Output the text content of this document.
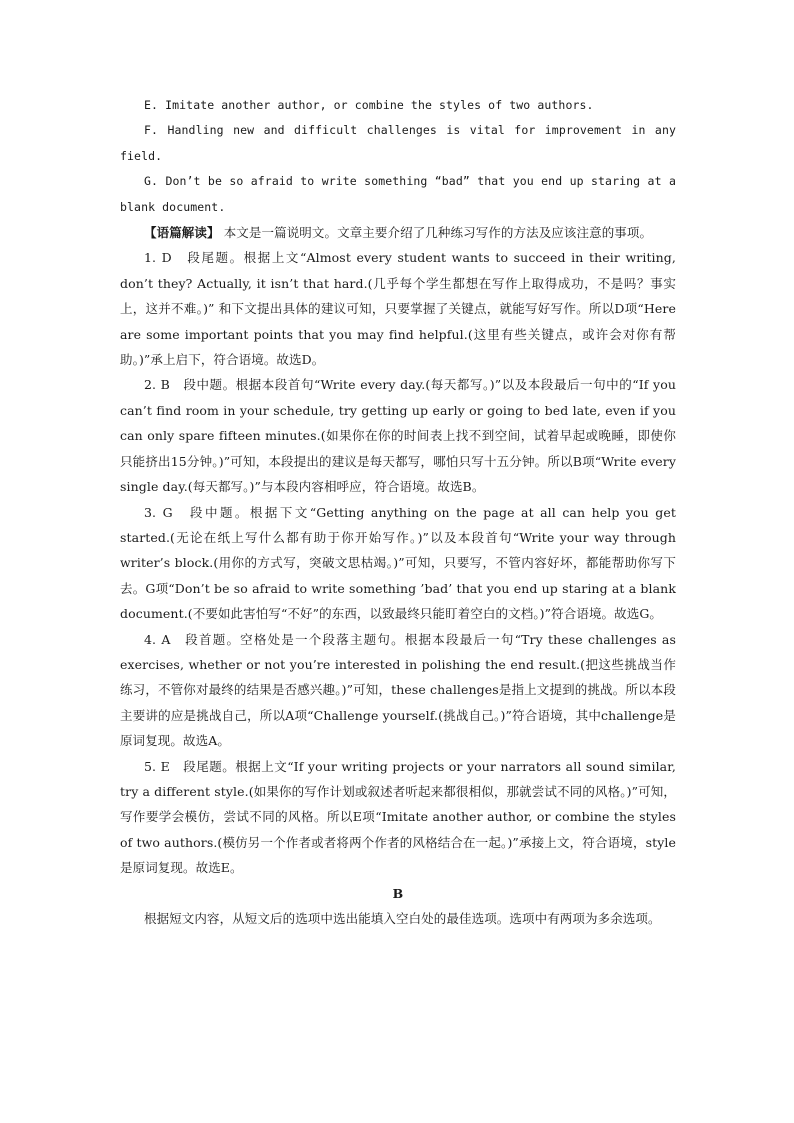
E. Imitate another author, or combine the styles of two authors.

F. Handling new and difficult challenges is vital for improvement in any field.

G. Don’t be so afraid to write something “bad” that you end up staring at a blank document.

【语篇解读】 本文是一篇说明文。文章主要介绍了几种练习写作的方法及应该注意的事项。

1. D　段尾题。根据上文“Almost every student wants to succeed in their writing, don’t they? Actually, it isn’t that hard.(几乎每个学生都想在写作上取得成功，不是吗？事实上，这并不难。)” 和下文提出具体的建议可知，只要掌握了关键点，就能写好写作。所以D项“Here are some important points that you may find helpful.(这里有些关键点，或许会对你有帮助。)”承上启下，符合语境。故选D。

2. B　段中题。根据本段首句“Write every day.(每天都写。)”以及本段最后一句中的“If you can’t find room in your schedule, try getting up early or going to bed late, even if you can only spare fifteen minutes.(如果你在你的时间表上找不到空间，试着早起或晚睡，即使你只能挤出15分钟。)”可知，本段提出的建议是每天都写，哪怕只写十五分钟。所以B项“Write every single day.(每天都写。)”与本段内容相呼应，符合语境。故选B。

3. G　段中题。根据下文“Getting anything on the page at all can help you get started.(无论在纸上写什么都有助于你开始写作。)”以及本段首句“Write your way through writer’s block.(用你的方式写，突破文思枯竭。)”可知，只要写，不管内容好坏，都能帮助你写下去。G项“Don’t be so afraid to write something ’bad’ that you end up staring at a blank document.(不要如此害怕写“不好”的东西，以致最终只能盯着空白的文档。)”符合语境。故选G。

4. A　段首题。空格处是一个段落主题句。根据本段最后一句“Try these challenges as exercises, whether or not you’re interested in polishing the end result.(把这些挑战当作练习，不管你对最终的结果是否感兴趣。)”可知，these challenges是指上文提到的挑战。所以本段主要讲的应是挑战自己，所以A项“Challenge yourself.(挑战自己。)”符合语境，其中challenge是原词复现。故选A。

5. E　段尾题。根据上文“If your writing projects or your narrators all sound similar, try a different style.(如果你的写作计划或叙述者听起来都很相似，那就尝试不同的风格。)”可知，写作要学会模仿，尝试不同的风格。所以E项“Imitate another author, or combine the styles of two authors.(模仿另一个作者或者将两个作者的风格结合在一起。)”承接上文，符合语境，style是原词复现。故选E。

B

根据短文内容，从短文后的选项中选出能填入空白处的最佳选项。选项中有两项为多余选项。
